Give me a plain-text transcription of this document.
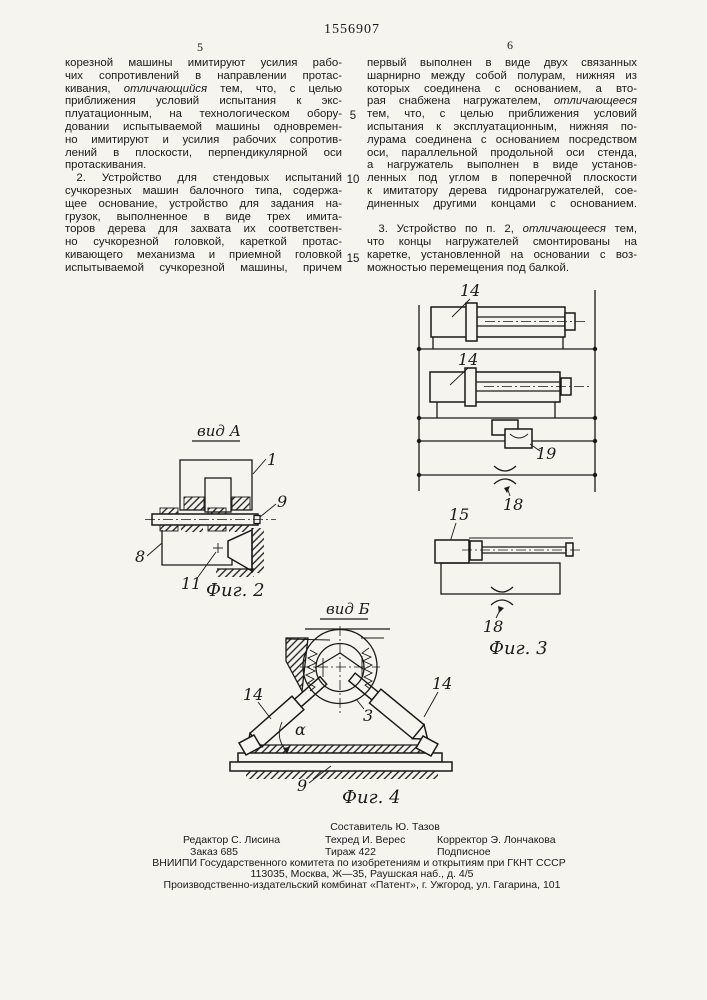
1556907
5	6
корезной машины имитируют усилия рабо-
чих сопротивлений в направлении протас-
кивания, отличающийся тем, что, с целью
приближения условий испытания к экс-
плуатационным, на технологическом обору-
довании испытываемой машины одновремен-
но имитируют и усилия рабочих сопротив-
лений в плоскости, перпендикулярной оси
протаскивания.
 2. Устройство для стендовых испытаний
сучкорезных машин балочного типа, содержа-
щее основание, устройство для задания на-
грузок, выполненное в виде трех имита-
торов дерева для захвата их соответствен-
но сучкорезной головкой, кареткой протас-
кивающего механизма и приемной головкой
испытываемой сучкорезной машины, причем
первый выполнен в виде двух связанных
шарнирно между собой полурам, нижняя из
которых соединена с основанием, а вто-
рая снабжена нагружателем, отличающееся
тем, что, с целью приближения условий
испытания к эксплуатационным, нижняя по-
лурама соединена с основанием посредством
оси, параллельной продольной оси стенда,
а нагружатель выполнен в виде установ-
ленных под углом в поперечной плоскости
к имитатору дерева гидронагружателей, сое-
диненных другими концами с основанием.

 3. Устройство по п. 2, отличающееся тем,
что концы нагружателей смонтированы на
каретке, установленной на основании с воз-
можностью перемещения под балкой.
5
10
15
вид А
1
9
8
11 Фиг. 2
14
14
19
18
15
18
Фиг. 3
вид Б
14
14
3
α
9
Фиг. 4
Составитель Ю. Тазов
Редактор С. Лисина	Техред И. Верес	Корректор Э. Лончакова
Заказ 685	Тираж 422	Подписное
ВНИИПИ Государственного комитета по изобретениям и открытиям при ГКНТ СССР
113035, Москва, Ж—35, Раушская наб., д. 4/5
Производственно-издательский комбинат «Патент», г. Ужгород, ул. Гагарина, 101
